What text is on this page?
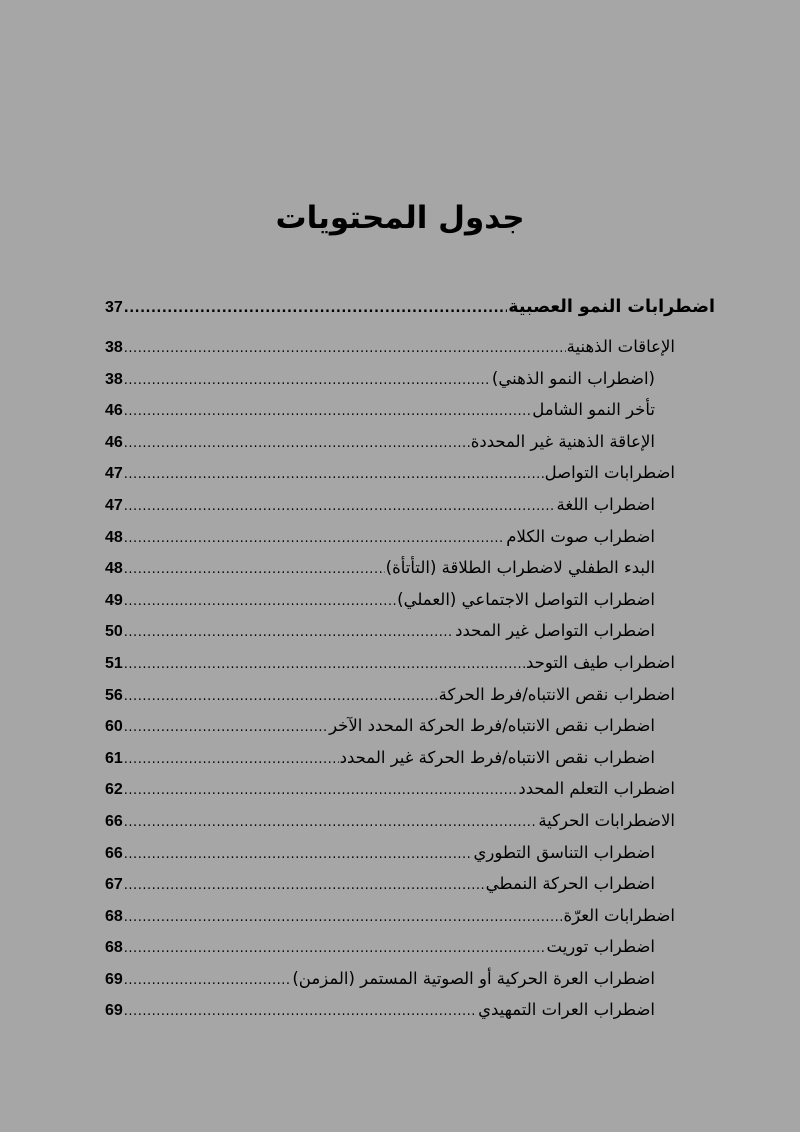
جدول المحتويات
اضطرابات النمو العصبية
.....
37
الإعاقات الذهنية
.....
38
(اضطراب النمو الذهني)
.....
38
تأخر النمو الشامل
.....
46
الإعاقة الذهنية غير المحددة
.....
46
اضطرابات التواصل
.....
47
اضطراب اللغة
.....
47
اضطراب صوت الكلام
.....
48
البدء الطفلي لاضطراب الطلاقة (التأتأة)
.....
48
اضطراب التواصل الاجتماعي (العملي)
.....
49
اضطراب التواصل غير المحدد
.....
50
اضطراب طيف التوحد
.....
51
اضطراب نقص الانتباه/فرط الحركة
.....
56
اضطراب نقص الانتباه/فرط الحركة المحدد الآخر
.....
60
اضطراب نقص الانتباه/فرط الحركة غير المحدد
.....
61
اضطراب التعلم المحدد
.....
62
الاضطرابات الحركية
.....
66
اضطراب التناسق التطوري
.....
66
اضطراب الحركة النمطي
.....
67
اضطرابات العرّة
.....
68
اضطراب توريت
.....
68
اضطراب العرة الحركية أو الصوتية المستمر (المزمن)
.....
69
اضطراب العرات التمهيدي
.....
69
